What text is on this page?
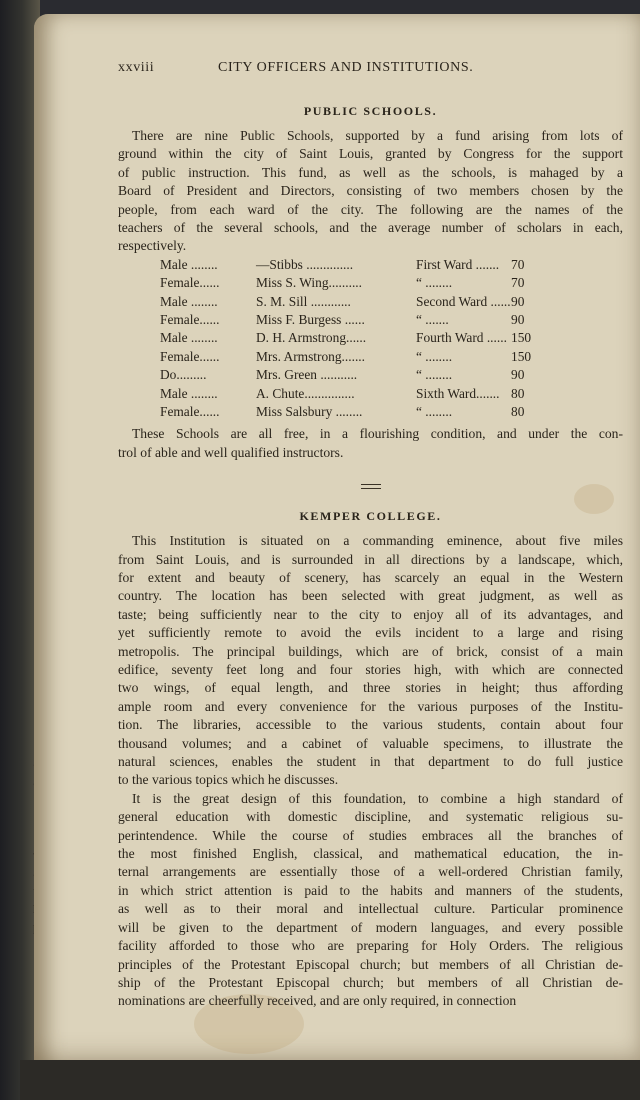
xxviii	CITY OFFICERS AND INSTITUTIONS.
PUBLIC SCHOOLS.
There are nine Public Schools, supported by a fund arising from lots of
ground within the city of Saint Louis, granted by Congress for the support
of public instruction. This fund, as well as the schools, is mahaged by a
Board of President and Directors, consisting of two members chosen by the
people, from each ward of the city. The following are the names of the
teachers of the several schools, and the average number of scholars in each,
respectively.
Male ........	—Stibbs ..............	First Ward ....... 70
Female......	Miss S. Wing..........	“ ........	70
Male ........	S. M. Sill ............	Second Ward ...... 90
Female......	Miss F. Burgess ......	“ .......	90
Male ........	D. H. Armstrong......	Fourth Ward ...... 150
Female......	Mrs. Armstrong.......	“ ........	150
Do.........	Mrs. Green ...........	“ ........	90
Male ........	A. Chute...............	Sixth Ward....... 80
Female......	Miss Salsbury ........	“ ........	80
These Schools are all free, in a flourishing condition, and under the con-
trol of able and well qualified instructors.
KEMPER COLLEGE.
This Institution is situated on a commanding eminence, about five miles
from Saint Louis, and is surrounded in all directions by a landscape, which,
for extent and beauty of scenery, has scarcely an equal in the Western
country. The location has been selected with great judgment, as well as
taste; being sufficiently near to the city to enjoy all of its advantages, and
yet sufficiently remote to avoid the evils incident to a large and rising
metropolis. The principal buildings, which are of brick, consist of a main
edifice, seventy feet long and four stories high, with which are connected
two wings, of equal length, and three stories in height; thus affording
ample room and every convenience for the various purposes of the Institu-
tion. The libraries, accessible to the various students, contain about four
thousand volumes; and a cabinet of valuable specimens, to illustrate the
natural sciences, enables the student in that department to do full justice
to the various topics which he discusses.
It is the great design of this foundation, to combine a high standard of
general education with domestic discipline, and systematic religious su-
perintendence. While the course of studies embraces all the branches of
the most finished English, classical, and mathematical education, the in-
ternal arrangements are essentially those of a well-ordered Christian family,
in which strict attention is paid to the habits and manners of the students,
as well as to their moral and intellectual culture. Particular prominence
will be given to the department of modern languages, and every possible
facility afforded to those who are preparing for Holy Orders. The religious
principles of the Protestant Episcopal church; but members of all Christian de-
ship of the Protestant Episcopal church; but members of all Christian de-
nominations are cheerfully received, and are only required, in connection
